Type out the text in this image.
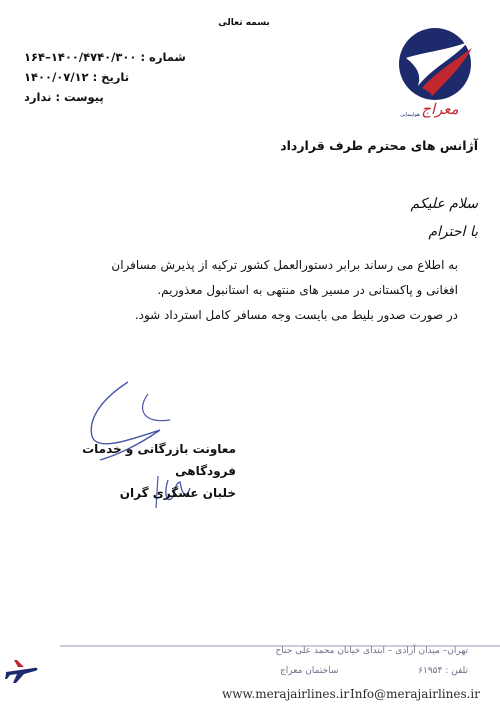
بسمه تعالی
شماره :
۱۴۰۰/۴۷۴۰/۳۰۰–۱۶۴
تاریخ :
۱۴۰۰/۰۷/۱۲
پیوست :
ندارد
معراج
هواپیمایی
آژانس های محترم طرف قرارداد
سلام علیکم
با احترام

به اطلاع می رساند برابر دستورالعمل کشور ترکیه از پذیرش مسافران

افغانی و پاکستانی در مسیر های منتهی به استانبول معذوریم.

در صورت صدور بلیط می بایست وجه مسافر کامل استرداد شود.

معاونت بازرگانی و خدمات فرودگاهی
خلبان عسگری گران
تهران– میدان آزادی – ابتدای خیابان محمد علی جناح
تلفن : ۶۱۹۵۴
ساختمان معراج
www.merajairlines.ir Info@merajairlines.ir
